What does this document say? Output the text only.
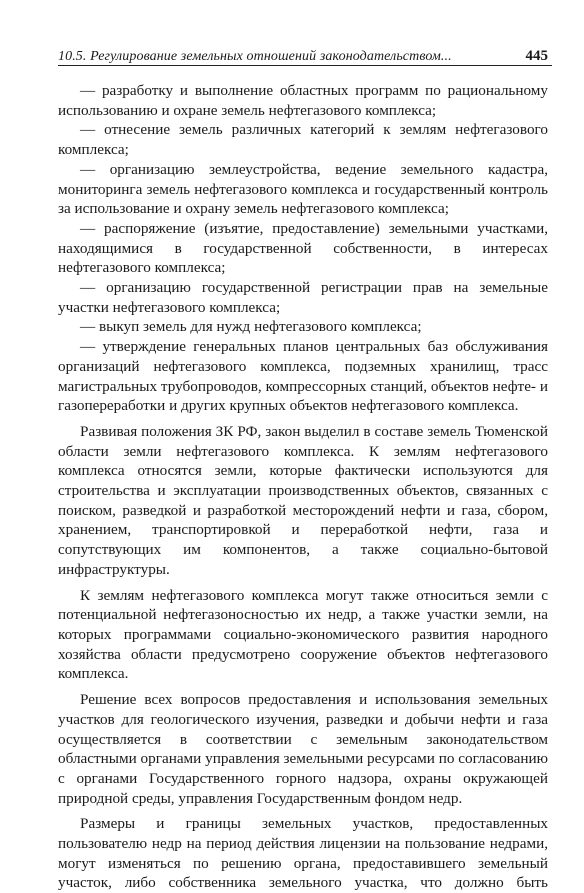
10.5. Регулирование земельных отношений законодательством...	445

— разработку и выполнение областных программ по рациональному использованию и охране земель нефтегазового комплекса;

— отнесение земель различных категорий к землям нефтегазового комплекса;

— организацию землеустройства, ведение земельного кадастра, мониторинга земель нефтегазового комплекса и государственный контроль за использование и охрану земель нефтегазового комплекса;

— распоряжение (изъятие, предоставление) земельными участками, находящимися в государственной собственности, в интересах нефтегазового комплекса;

— организацию государственной регистрации прав на земельные участки нефтегазового комплекса;

— выкуп земель для нужд нефтегазового комплекса;

— утверждение генеральных планов центральных баз обслуживания организаций нефтегазового комплекса, подземных хранилищ, трасс магистральных трубопроводов, компрессорных станций, объектов нефте- и газопереработки и других крупных объектов нефтегазового комплекса.

Развивая положения ЗК РФ, закон выделил в составе земель Тюменской области земли нефтегазового комплекса. К землям нефтегазового комплекса относятся земли, которые фактически используются для строительства и эксплуатации производственных объектов, связанных с поиском, разведкой и разработкой месторождений нефти и газа, сбором, хранением, транспортировкой и переработкой нефти, газа и сопутствующих им компонентов, а также социально-бытовой инфраструктуры.

К землям нефтегазового комплекса могут также относиться земли с потенциальной нефтегазоносностью их недр, а также участки земли, на которых программами социально-экономического развития народного хозяйства области предусмотрено сооружение объектов нефтегазового комплекса.

Решение всех вопросов предоставления и использования земельных участков для геологического изучения, разведки и добычи нефти и газа осуществляется в соответствии с земельным законодательством областными органами управления земельными ресурсами по согласованию с органами Государственного горного надзора, охраны окружающей природной среды, управления Государственным фондом недр.

Размеры и границы земельных участков, предоставленных пользователю недр на период действия лицензии на пользование недрами, могут изменяться по решению органа, предоставившего земельный участок, либо собственника земельного участка, что должно быть
